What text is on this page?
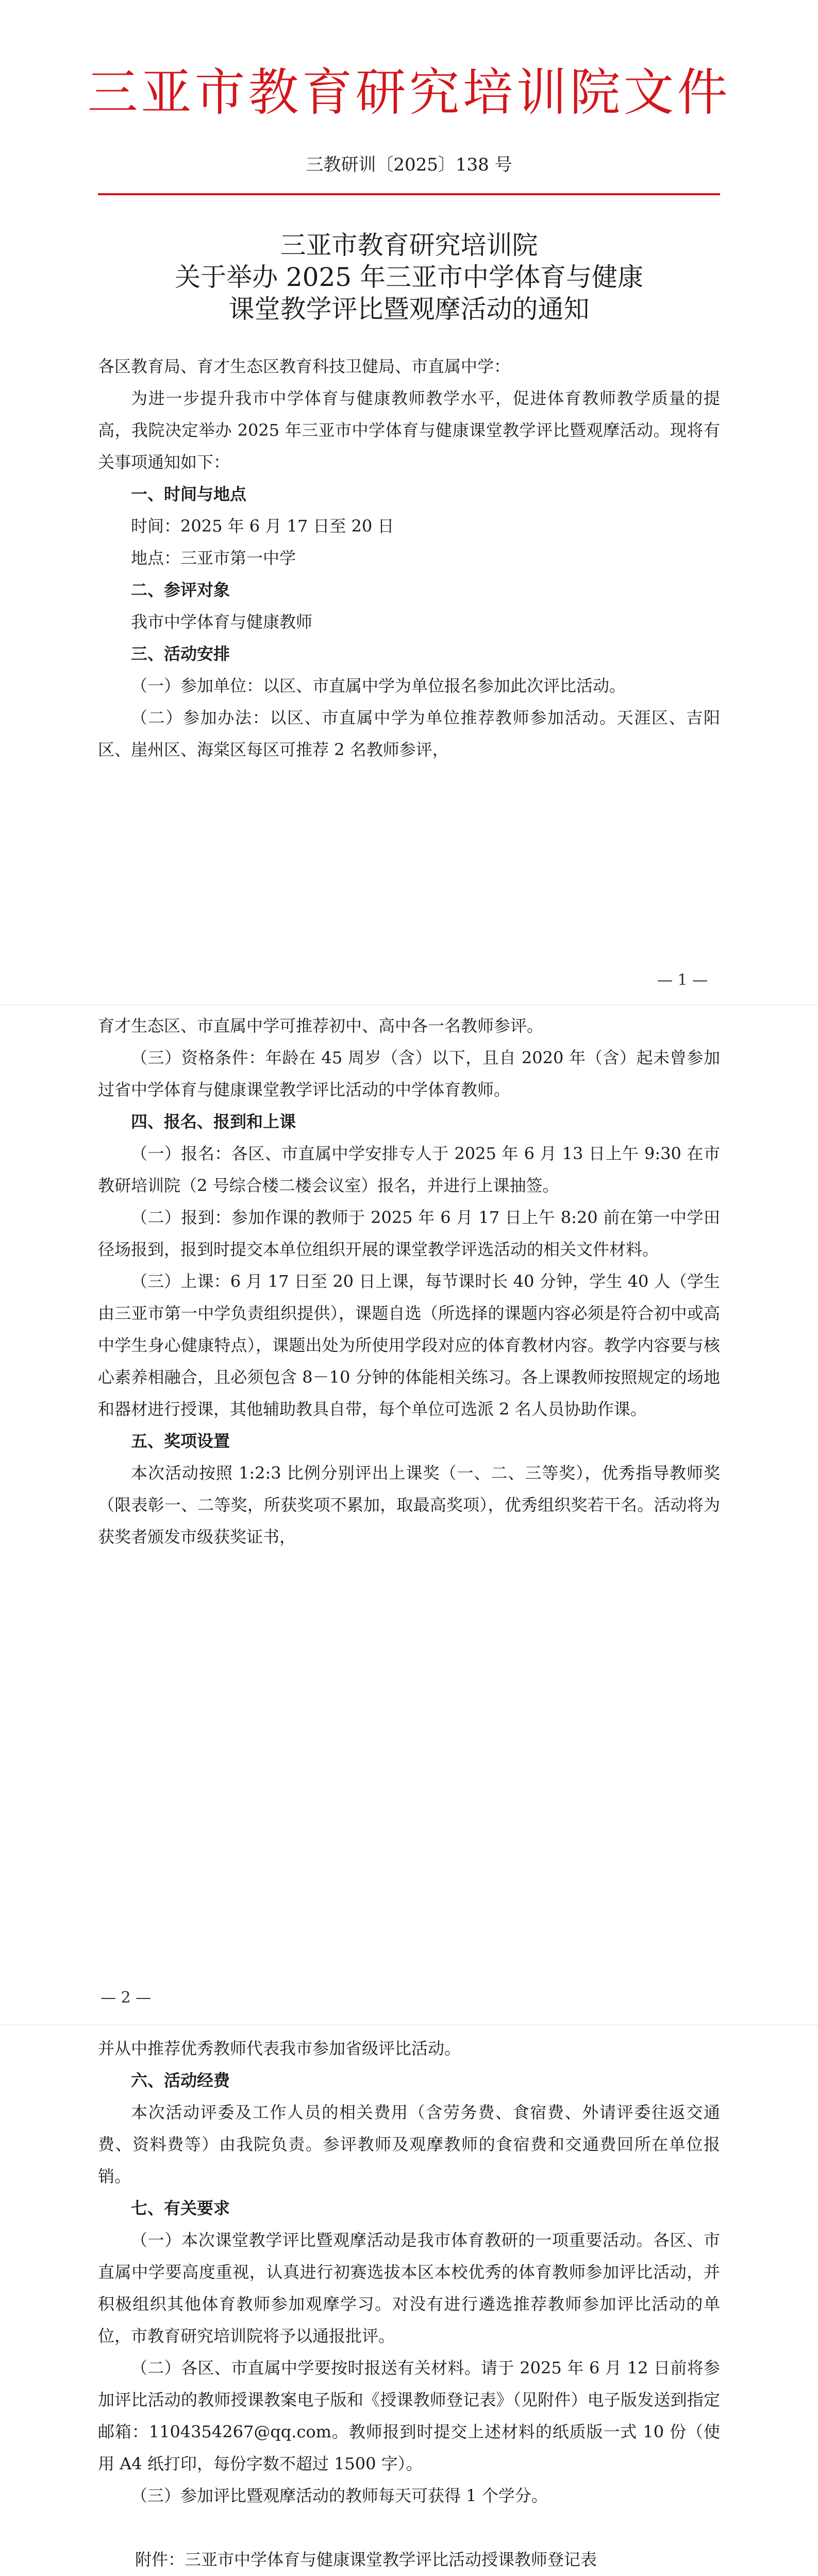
三亚市教育研究培训院文件
三教研训〔2025〕138 号
三亚市教育研究培训院
关于举办 2025 年三亚市中学体育与健康
课堂教学评比暨观摩活动的通知

各区教育局、育才生态区教育科技卫健局、市直属中学：

为进一步提升我市中学体育与健康教师教学水平，促进体育教师教学质量的提高，我院决定举办 2025 年三亚市中学体育与健康课堂教学评比暨观摩活动。现将有关事项通知如下：

一、时间与地点

时间：2025 年 6 月 17 日至 20 日

地点：三亚市第一中学

二、参评对象

我市中学体育与健康教师

三、活动安排

（一）参加单位：以区、市直属中学为单位报名参加此次评比活动。

（二）参加办法：以区、市直属中学为单位推荐教师参加活动。天涯区、吉阳区、崖州区、海棠区每区可推荐 2 名教师参评，

— 1 —

育才生态区、市直属中学可推荐初中、高中各一名教师参评。

（三）资格条件：年龄在 45 周岁（含）以下，且自 2020 年（含）起未曾参加过省中学体育与健康课堂教学评比活动的中学体育教师。

四、报名、报到和上课

（一）报名：各区、市直属中学安排专人于 2025 年 6 月 13 日上午 9:30 在市教研培训院（2 号综合楼二楼会议室）报名，并进行上课抽签。

（二）报到：参加作课的教师于 2025 年 6 月 17 日上午 8:20 前在第一中学田径场报到，报到时提交本单位组织开展的课堂教学评选活动的相关文件材料。

（三）上课：6 月 17 日至 20 日上课，每节课时长 40 分钟，学生 40 人（学生由三亚市第一中学负责组织提供），课题自选（所选择的课题内容必须是符合初中或高中学生身心健康特点），课题出处为所使用学段对应的体育教材内容。教学内容要与核心素养相融合，且必须包含 8－10 分钟的体能相关练习。各上课教师按照规定的场地和器材进行授课，其他辅助教具自带，每个单位可选派 2 名人员协助作课。

五、奖项设置

本次活动按照 1:2:3 比例分别评出上课奖（一、二、三等奖），优秀指导教师奖（限表彰一、二等奖，所获奖项不累加，取最高奖项），优秀组织奖若干名。活动将为获奖者颁发市级获奖证书，

— 2 —

并从中推荐优秀教师代表我市参加省级评比活动。

六、活动经费

本次活动评委及工作人员的相关费用（含劳务费、食宿费、外请评委往返交通费、资料费等）由我院负责。参评教师及观摩教师的食宿费和交通费回所在单位报销。

七、有关要求

（一）本次课堂教学评比暨观摩活动是我市体育教研的一项重要活动。各区、市直属中学要高度重视，认真进行初赛选拔本区本校优秀的体育教师参加评比活动，并积极组织其他体育教师参加观摩学习。对没有进行遴选推荐教师参加评比活动的单位，市教育研究培训院将予以通报批评。

（二）各区、市直属中学要按时报送有关材料。请于 2025 年 6 月 12 日前将参加评比活动的教师授课教案电子版和《授课教师登记表》（见附件）电子版发送到指定邮箱：1104354267@qq.com。教师报到时提交上述材料的纸质版一式 10 份（使用 A4 纸打印，每份字数不超过 1500 字）。

（三）参加评比暨观摩活动的教师每天可获得 1 个学分。

附件：三亚市中学体育与健康课堂教学评比活动授课教师登记表
